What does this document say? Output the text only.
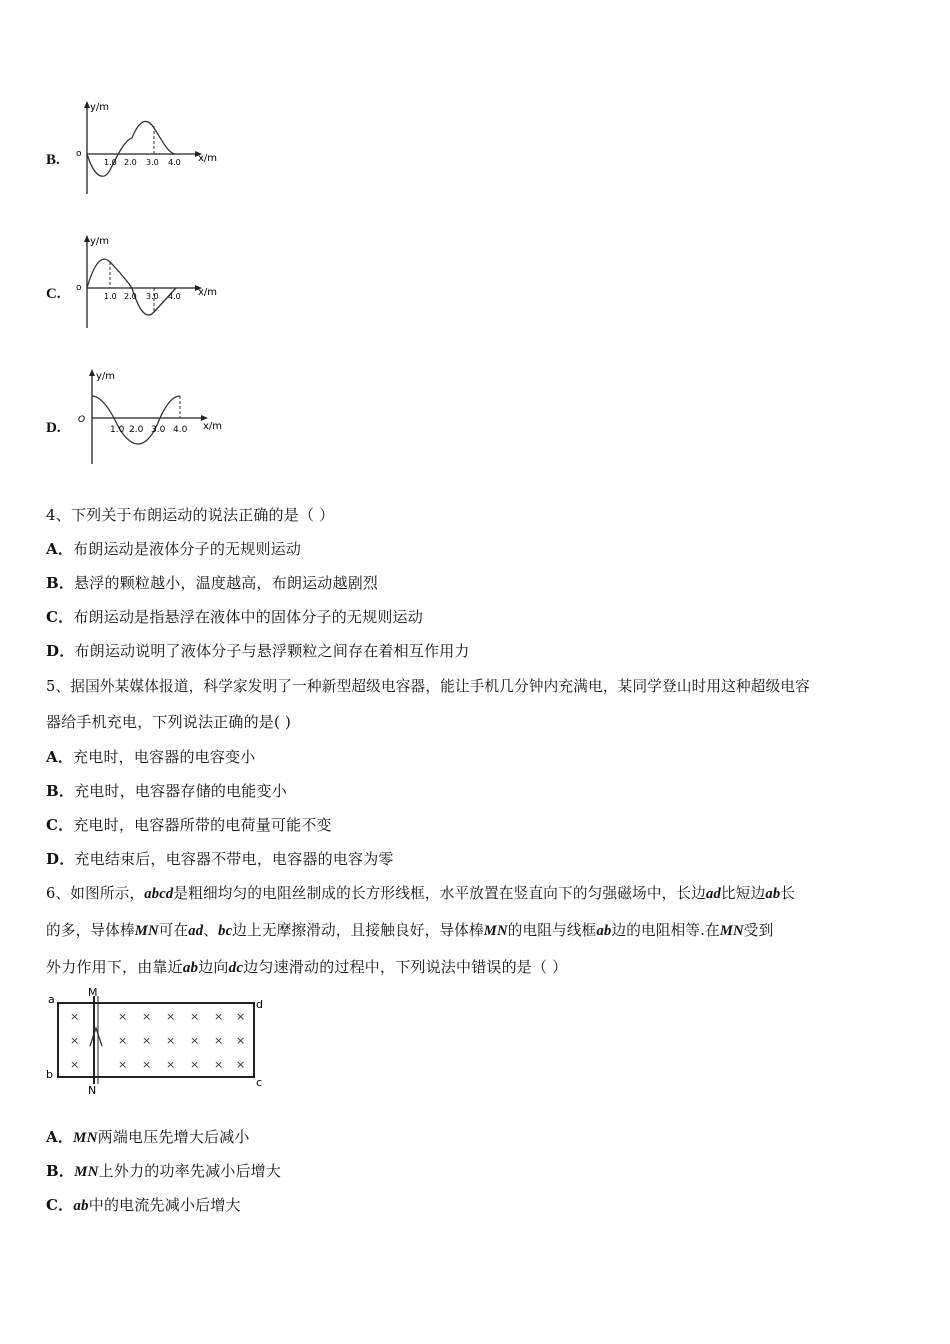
B.
y/m
x/m
o
1.0 2.0 3.0 4.0
C.
y/m
x/m
o
1.0 2.0 3.0 4.0
D.
y/m
x/m
O
1.0 2.0 3.0 4.0
4、下列关于布朗运动的说法正确的是（ ）
A．布朗运动是液体分子的无规则运动
B．悬浮的颗粒越小，温度越高，布朗运动越剧烈
C．布朗运动是指悬浮在液体中的固体分子的无规则运动
D．布朗运动说明了液体分子与悬浮颗粒之间存在着相互作用力
5、据国外某媒体报道，科学家发明了一种新型超级电容器，能让手机几分钟内充满电，某同学登山时用这种超级电容
器给手机充电，下列说法正确的是( )
A．充电时，电容器的电容变小
B．充电时，电容器存储的电能变小
C．充电时，电容器所带的电荷量可能不变
D．充电结束后，电容器不带电，电容器的电容为零
6、如图所示，abcd是粗细均匀的电阻丝制成的长方形线框，水平放置在竖直向下的匀强磁场中，长边ad比短边ab长
的多，导体棒MN可在ad、bc边上无摩擦滑动，且接触良好，导体棒MN的电阻与线框ab边的电阻相等.在MN受到
外力作用下，由靠近ab边向dc边匀速滑动的过程中，下列说法中错误的是（ ）
a
b
c
d
M
N
×	× × × × × ×
×	× × × × × ×
×	× × × × × ×
A．MN两端电压先增大后减小
B．MN上外力的功率先减小后增大
C．ab中的电流先减小后增大
